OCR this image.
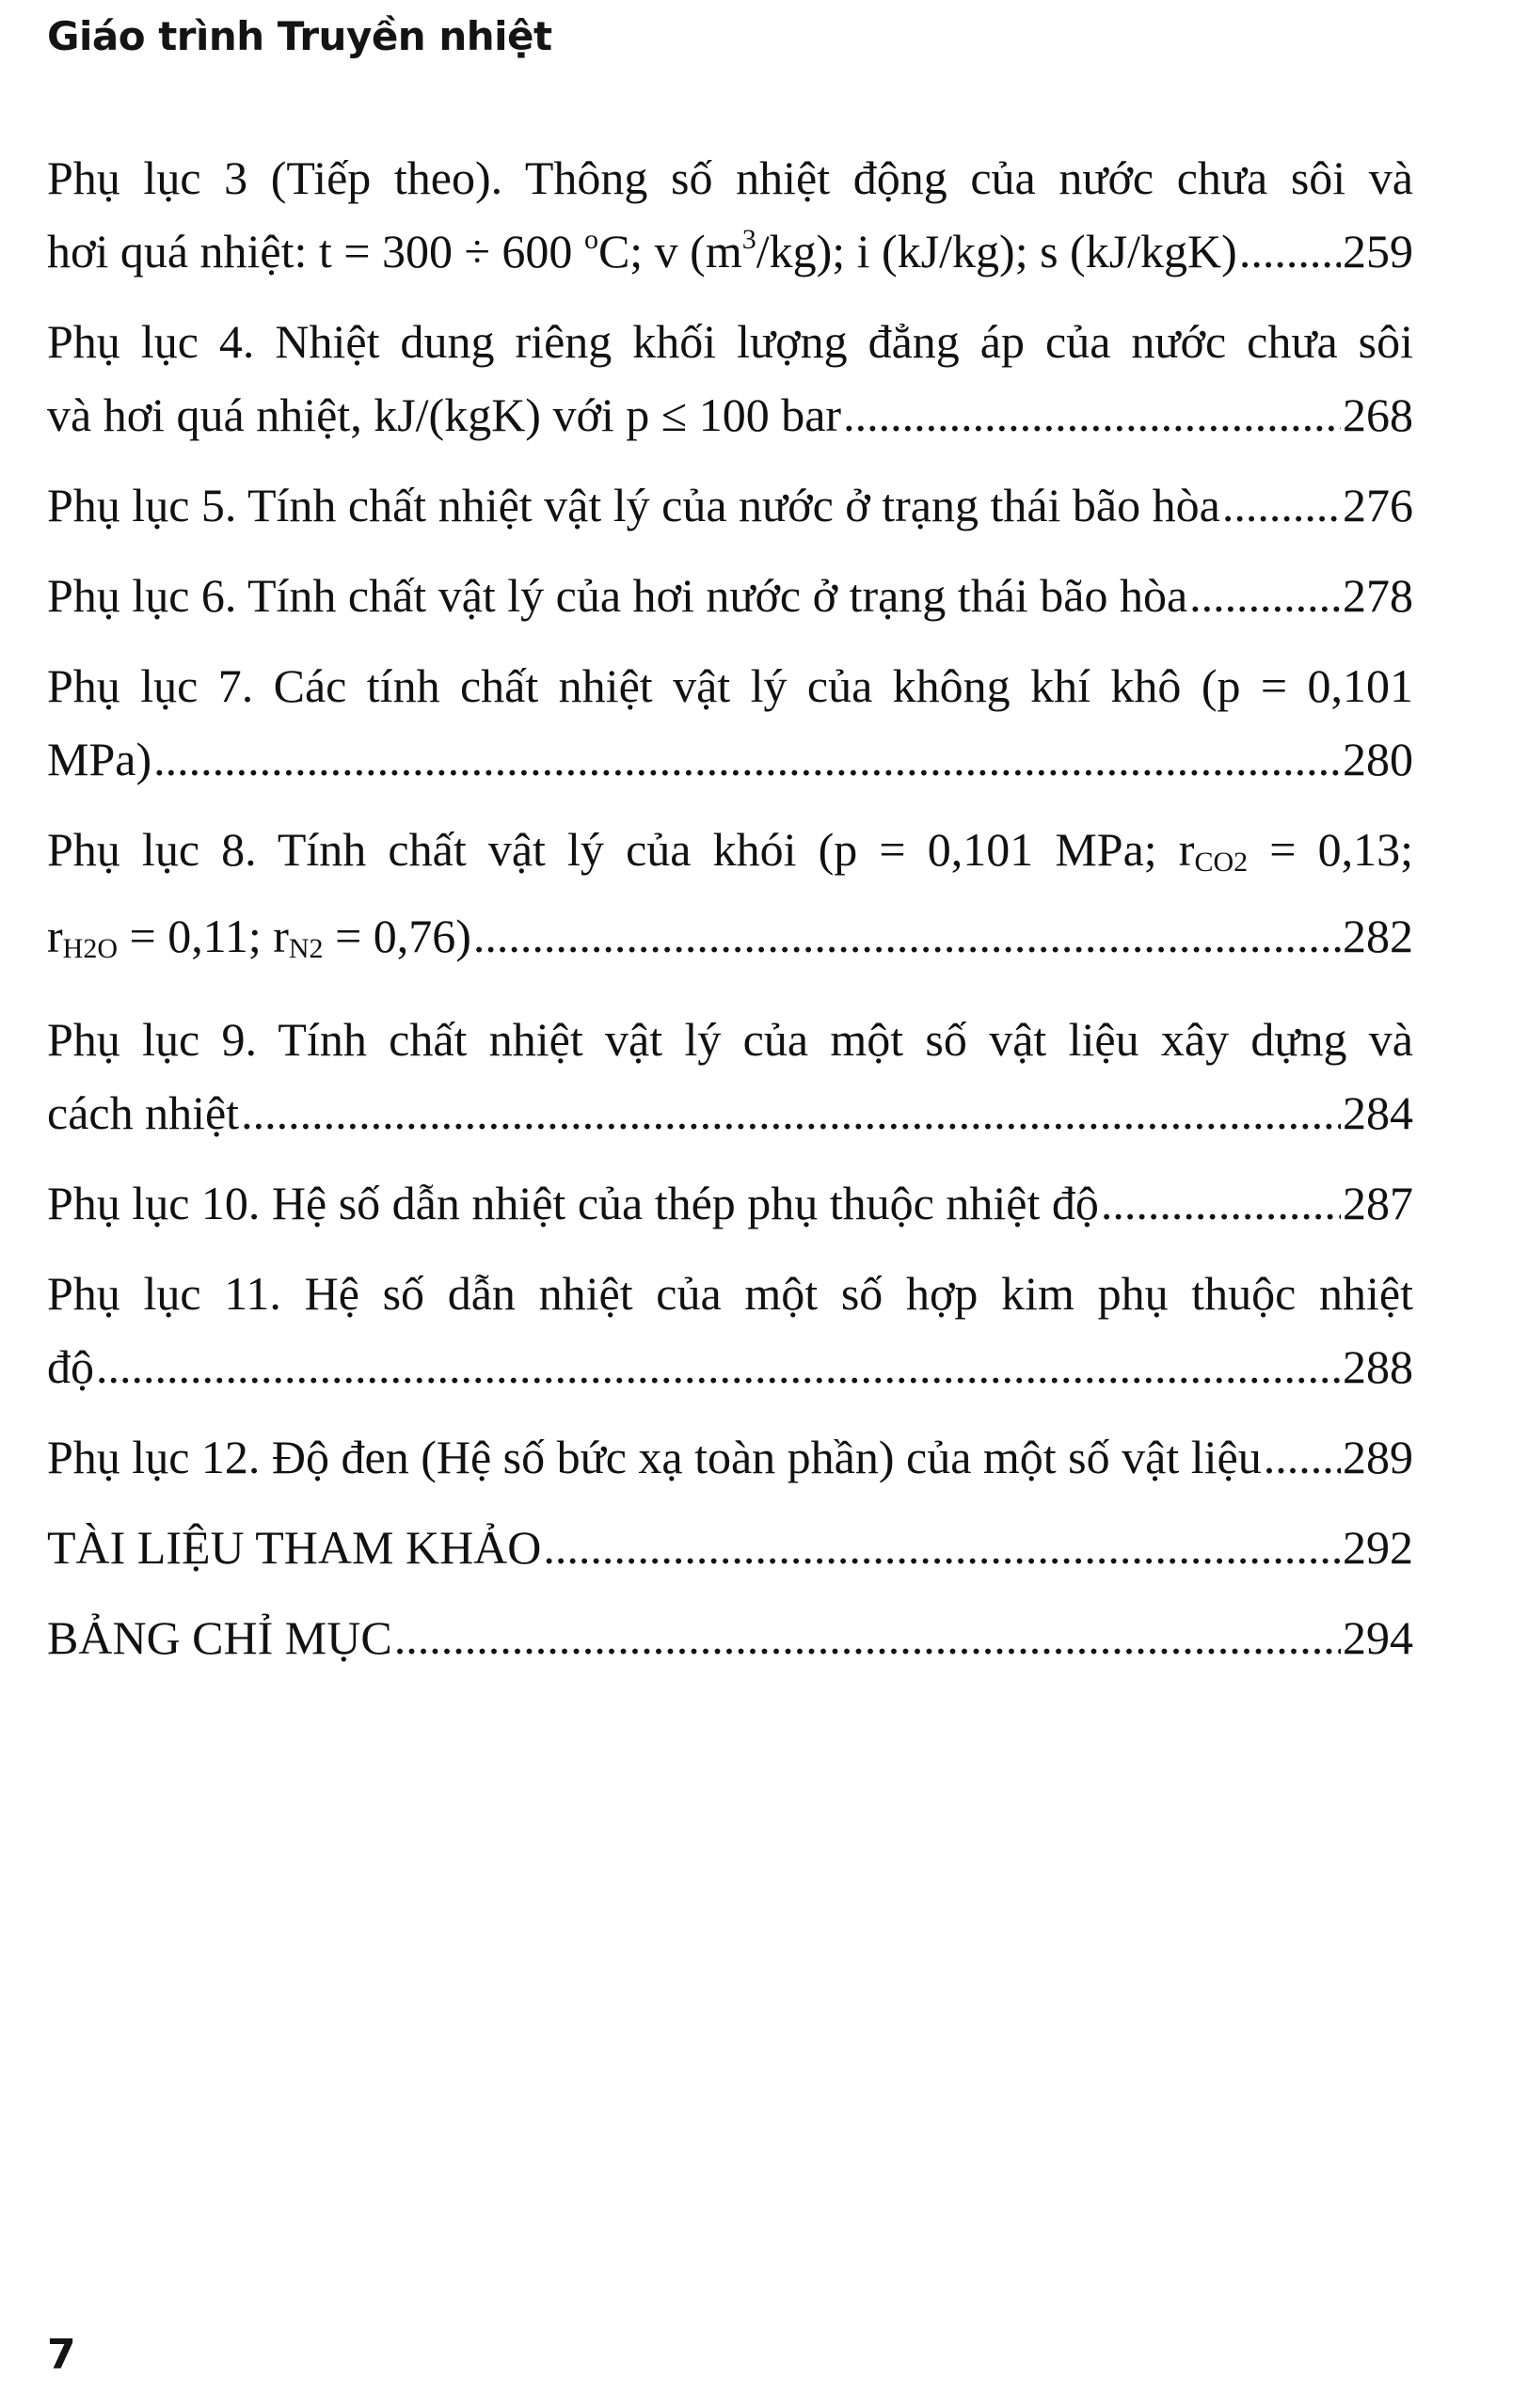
Giáo trình Truyền nhiệt
Phụ lục 3 (Tiếp theo). Thông số nhiệt động của nước chưa sôi và
hơi quá nhiệt: t = 300 ÷ 600 $^o$C; v $(m^3/kg)$; i (kJ/kg); s (kJ/kgK) ..... 259
Phụ lục 4. Nhiệt dung riêng khối lượng đẳng áp của nước chưa sôi
và hơi quá nhiệt, kJ/(kgK) với p ≤ 100 bar .....	268
Phụ lục 5. Tính chất nhiệt vật lý của nước ở trạng thái bão hòa .....	276
Phụ lục 6. Tính chất vật lý của hơi nước ở trạng thái bão hòa .....	278
Phụ lục 7. Các tính chất nhiệt vật lý của không khí khô (p = 0,101
MPa) .....	280
Phụ lục 8. Tính chất vật lý của khói (p = 0,101 MPa; $r_{CO2} = 0,13$;
$r_{H2O} = 0,11$; $r_{N2} = 0,76$) .....	282
Phụ lục 9. Tính chất nhiệt vật lý của một số vật liệu xây dựng và
cách nhiệt .....	284
Phụ lục 10. Hệ số dẫn nhiệt của thép phụ thuộc nhiệt độ .....	287
Phụ lục 11. Hệ số dẫn nhiệt của một số hợp kim phụ thuộc nhiệt
độ .....	288
Phụ lục 12. Độ đen (Hệ số bức xạ toàn phần) của một số vật liệu ..... 289
TÀI LIỆU THAM KHẢO .....	292
BẢNG CHỈ MỤC .....	294
7
